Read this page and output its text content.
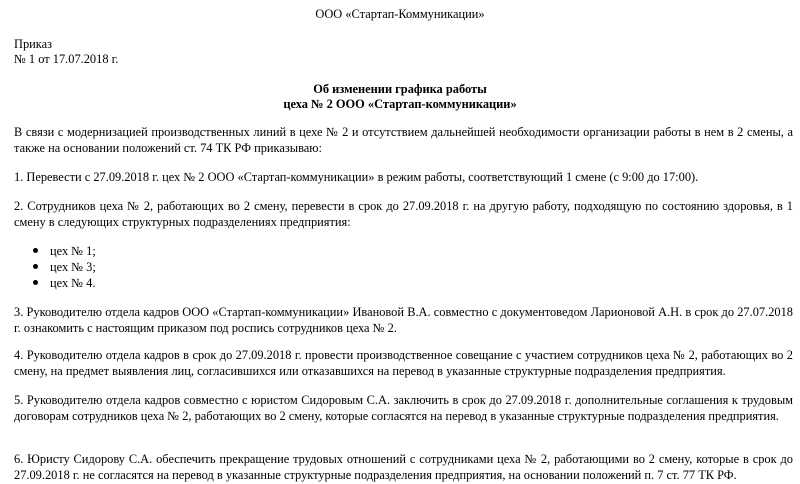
ООО «Стартап-Коммуникации»
Приказ
№ 1 от 17.07.2018 г.
Об изменении графика работы
цеха № 2 ООО «Стартап-коммуникации»
В связи с модернизацией производственных линий в цехе № 2 и отсутствием дальнейшей необходимости организации работы в нем в 2 смены, а также на основании положений ст. 74 ТК РФ приказываю:
1. Перевести с 27.09.2018 г. цех № 2 ООО «Стартап-коммуникации» в режим работы, соответствующий 1 смене (с 9:00 до 17:00).
2. Сотрудников цеха № 2, работающих во 2 смену, перевести в срок до 27.09.2018 г. на другую работу, подходящую по состоянию здоровья, в 1 смену в следующих структурных подразделениях предприятия:
цех № 1;
цех № 3;
цех № 4.
3. Руководителю отдела кадров ООО «Стартап-коммуникации» Ивановой В.А. совместно с документоведом Ларионовой А.Н. в срок до 27.07.2018 г. ознакомить с настоящим приказом под роспись сотрудников цеха № 2.
4. Руководителю отдела кадров в срок до 27.09.2018 г. провести производственное совещание с участием сотрудников цеха № 2, работающих во 2 смену, на предмет выявления лиц, согласившихся или отказавшихся на перевод в указанные структурные подразделения предприятия.
5. Руководителю отдела кадров совместно с юристом Сидоровым С.А. заключить в срок до 27.09.2018 г. дополнительные соглашения к трудовым договорам сотрудников цеха № 2, работающих во 2 смену, которые согласятся на перевод в указанные структурные подразделения предприятия.
6. Юристу Сидорову С.А. обеспечить прекращение трудовых отношений с сотрудниками цеха № 2, работающими во 2 смену, которые в срок до 27.09.2018 г. не согласятся на перевод в указанные структурные подразделения предприятия, на основании положений п. 7 ст. 77 ТК РФ.
